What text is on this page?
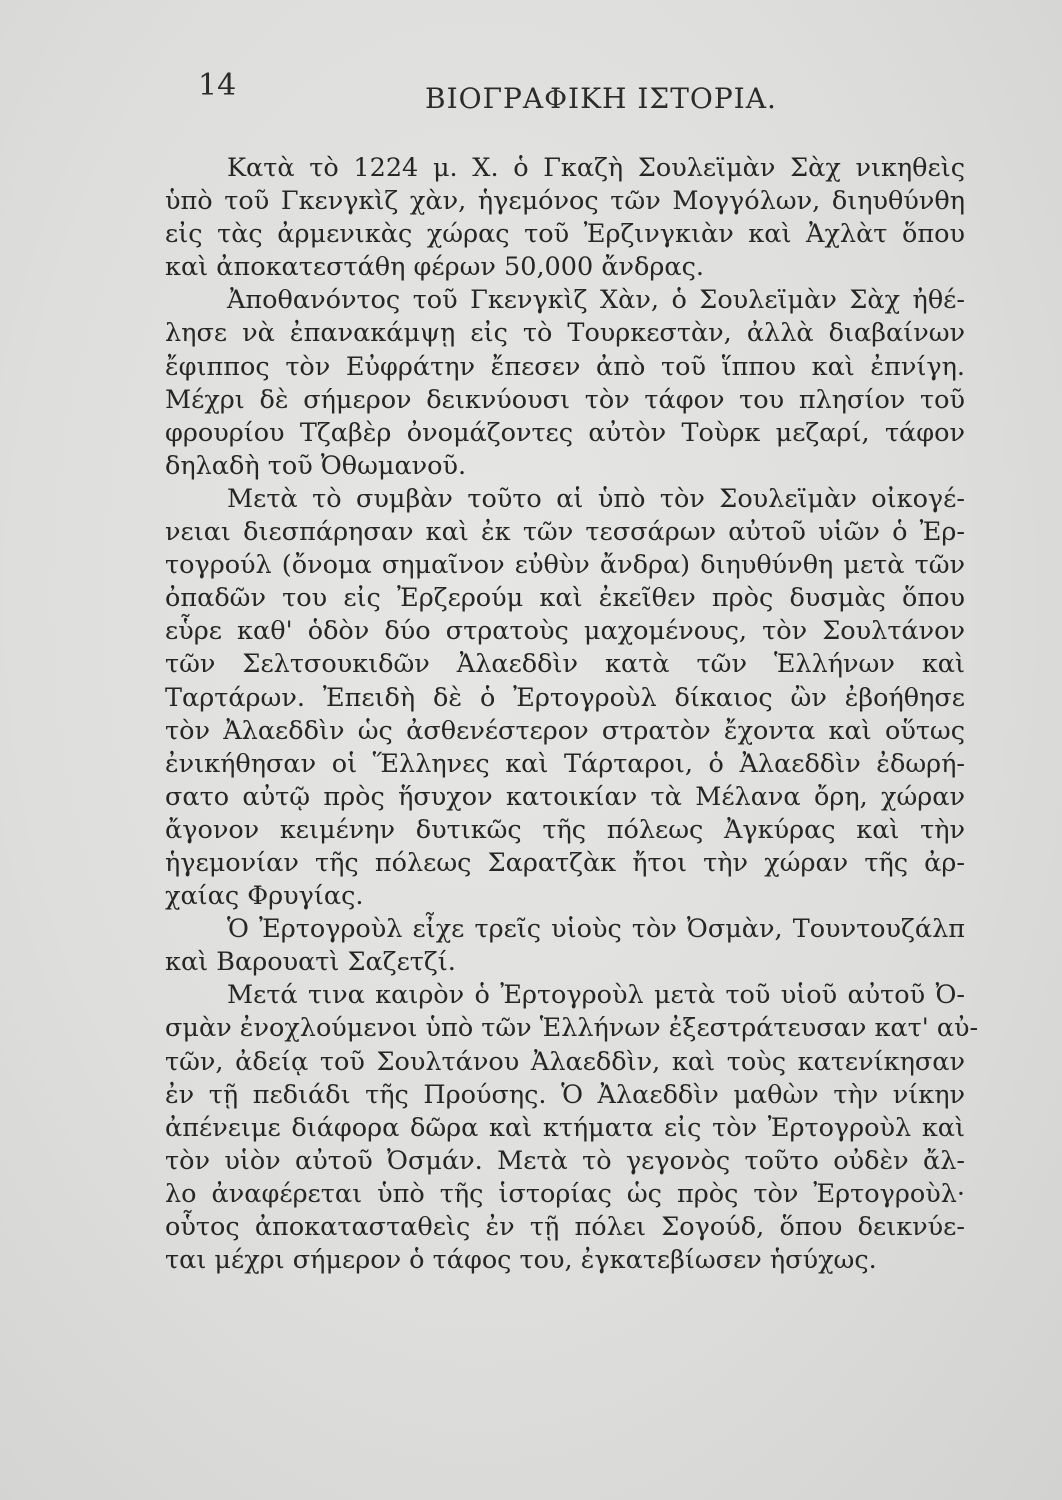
14	ΒΙΟΓΡΑΦΙΚΗ ΙΣΤΟΡΙΑ.
Κατὰ τὸ 1224 μ. Χ. ὁ Γκαζὴ Σουλεϊμὰν Σὰχ νικηθεὶς
ὑπὸ τοῦ Γκενγκὶζ χὰν, ἡγεμόνος τῶν Μογγόλων, διηυθύνθη
εἰς τὰς ἀρμενικὰς χώρας τοῦ Ἐρζινγκιὰν καὶ Ἀχλὰτ ὅπου
καὶ ἀποκατεστάθη φέρων 50,000 ἄνδρας.
Ἀποθανόντος τοῦ Γκενγκὶζ Χὰν, ὁ Σουλεϊμὰν Σὰχ ἠθέ-
λησε νὰ ἐπανακάμψῃ εἰς τὸ Τουρκεστὰν, ἀλλὰ διαβαίνων
ἔφιππος τὸν Εὐφράτην ἔπεσεν ἀπὸ τοῦ ἵππου καὶ ἐπνίγη.
Μέχρι δὲ σήμερον δεικνύουσι τὸν τάφον του πλησίον τοῦ
φρουρίου Τζαβὲρ ὀνομάζοντες αὐτὸν Τοὺρκ μεζαρί, τάφον
δηλαδὴ τοῦ Ὀθωμανοῦ.
Μετὰ τὸ συμβὰν τοῦτο αἱ ὑπὸ τὸν Σουλεϊμὰν οἰκογέ-
νειαι διεσπάρησαν καὶ ἐκ τῶν τεσσάρων αὐτοῦ υἱῶν ὁ Ἐρ-
τογρούλ (ὄνομα σημαῖνον εὐθὺν ἄνδρα) διηυθύνθη μετὰ τῶν
ὀπαδῶν του εἰς Ἐρζερούμ καὶ ἐκεῖθεν πρὸς δυσμὰς ὅπου
εὗρε καθ' ὁδὸν δύο στρατοὺς μαχομένους, τὸν Σουλτάνον
τῶν Σελτσουκιδῶν Ἀλαεδδὶν κατὰ τῶν Ἑλλήνων καὶ
Ταρτάρων. Ἐπειδὴ δὲ ὁ Ἐρτογροὺλ δίκαιος ὢν ἐβοήθησε
τὸν Ἀλαεδδὶν ὡς ἀσθενέστερον στρατὸν ἔχοντα καὶ οὕτως
ἐνικήθησαν οἱ Ἕλληνες καὶ Τάρταροι, ὁ Ἀλαεδδὶν ἐδωρή-
σατο αὐτῷ πρὸς ἥσυχον κατοικίαν τὰ Μέλανα ὄρη, χώραν
ἄγονον κειμένην δυτικῶς τῆς πόλεως Ἀγκύρας καὶ τὴν
ἡγεμονίαν τῆς πόλεως Σαρατζὰκ ἤτοι τὴν χώραν τῆς ἀρ-
χαίας Φρυγίας.
Ὁ Ἐρτογροὺλ εἶχε τρεῖς υἱοὺς τὸν Ὀσμὰν, Τουντουζάλπ
καὶ Βαρουατὶ Σαζετζί.
Μετά τινα καιρὸν ὁ Ἐρτογροὺλ μετὰ τοῦ υἱοῦ αὐτοῦ Ὀ-
σμὰν ἐνοχλούμενοι ὑπὸ τῶν Ἑλλήνων ἐξεστράτευσαν κατ' αὐ-
τῶν, ἀδείᾳ τοῦ Σουλτάνου Ἀλαεδδὶν, καὶ τοὺς κατενίκησαν
ἐν τῇ πεδιάδι τῆς Προύσης. Ὁ Ἀλαεδδὶν μαθὼν τὴν νίκην
ἀπένειμε διάφορα δῶρα καὶ κτήματα εἰς τὸν Ἐρτογροὺλ καὶ
τὸν υἱὸν αὐτοῦ Ὀσμάν. Μετὰ τὸ γεγονὸς τοῦτο οὐδὲν ἄλ-
λο ἀναφέρεται ὑπὸ τῆς ἱστορίας ὡς πρὸς τὸν Ἐρτογροὺλ·
οὗτος ἀποκατασταθεὶς ἐν τῇ πόλει Σογούδ, ὅπου δεικνύε-
ται μέχρι σήμερον ὁ τάφος του, ἐγκατεβίωσεν ἡσύχως.
